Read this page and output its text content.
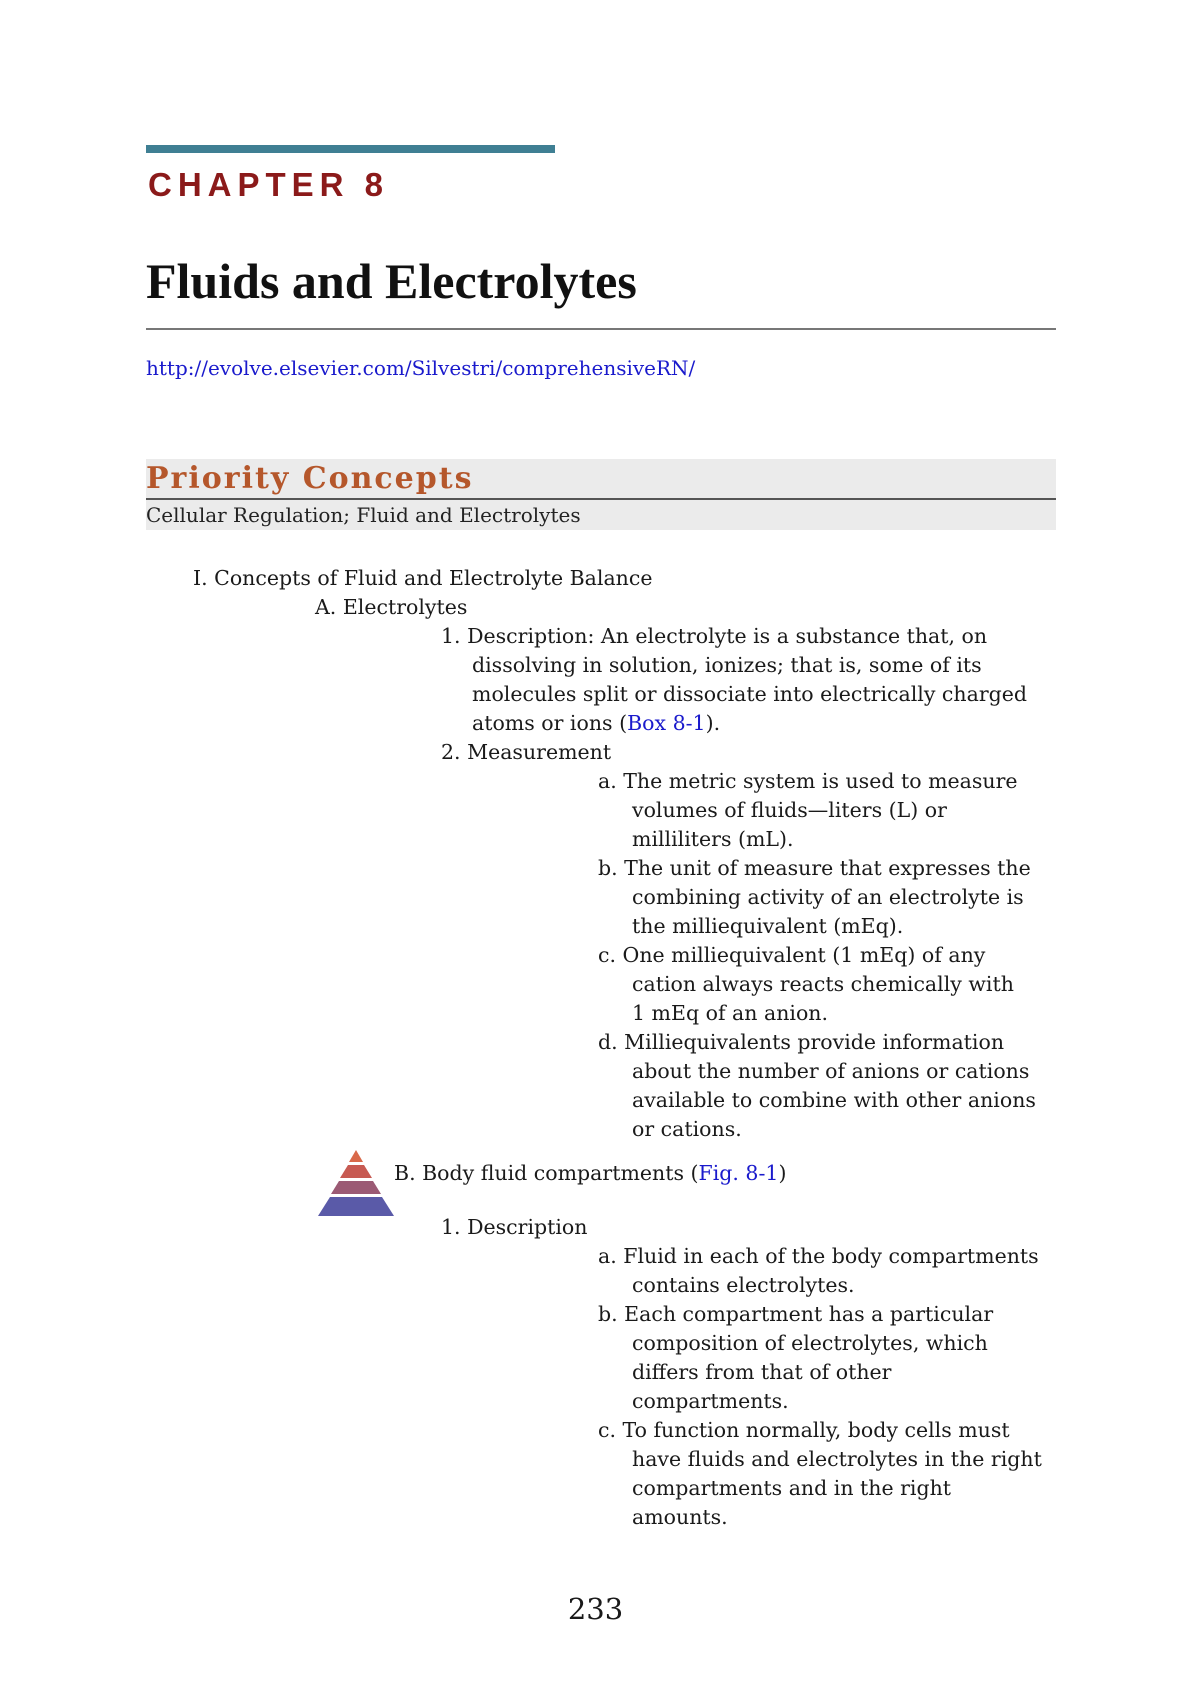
CHAPTER 8
Fluids and Electrolytes
http://evolve.elsevier.com/Silvestri/comprehensiveRN/
Priority Concepts
Cellular Regulation; Fluid and Electrolytes
I. Concepts of Fluid and Electrolyte Balance
A. Electrolytes
1. Description: An electrolyte is a substance that, on
dissolving in solution, ionizes; that is, some of its
molecules split or dissociate into electrically charged
atoms or ions (Box 8-1).
2. Measurement
a. The metric system is used to measure
volumes of fluids—liters (L) or
milliliters (mL).
b. The unit of measure that expresses the
combining activity of an electrolyte is
the milliequivalent (mEq).
c. One milliequivalent (1 mEq) of any
cation always reacts chemically with
1 mEq of an anion.
d. Milliequivalents provide information
about the number of anions or cations
available to combine with other anions
or cations.
B. Body fluid compartments (Fig. 8-1)
1. Description
a. Fluid in each of the body compartments
contains electrolytes.
b. Each compartment has a particular
composition of electrolytes, which
differs from that of other
compartments.
c. To function normally, body cells must
have fluids and electrolytes in the right
compartments and in the right
amounts.
233
